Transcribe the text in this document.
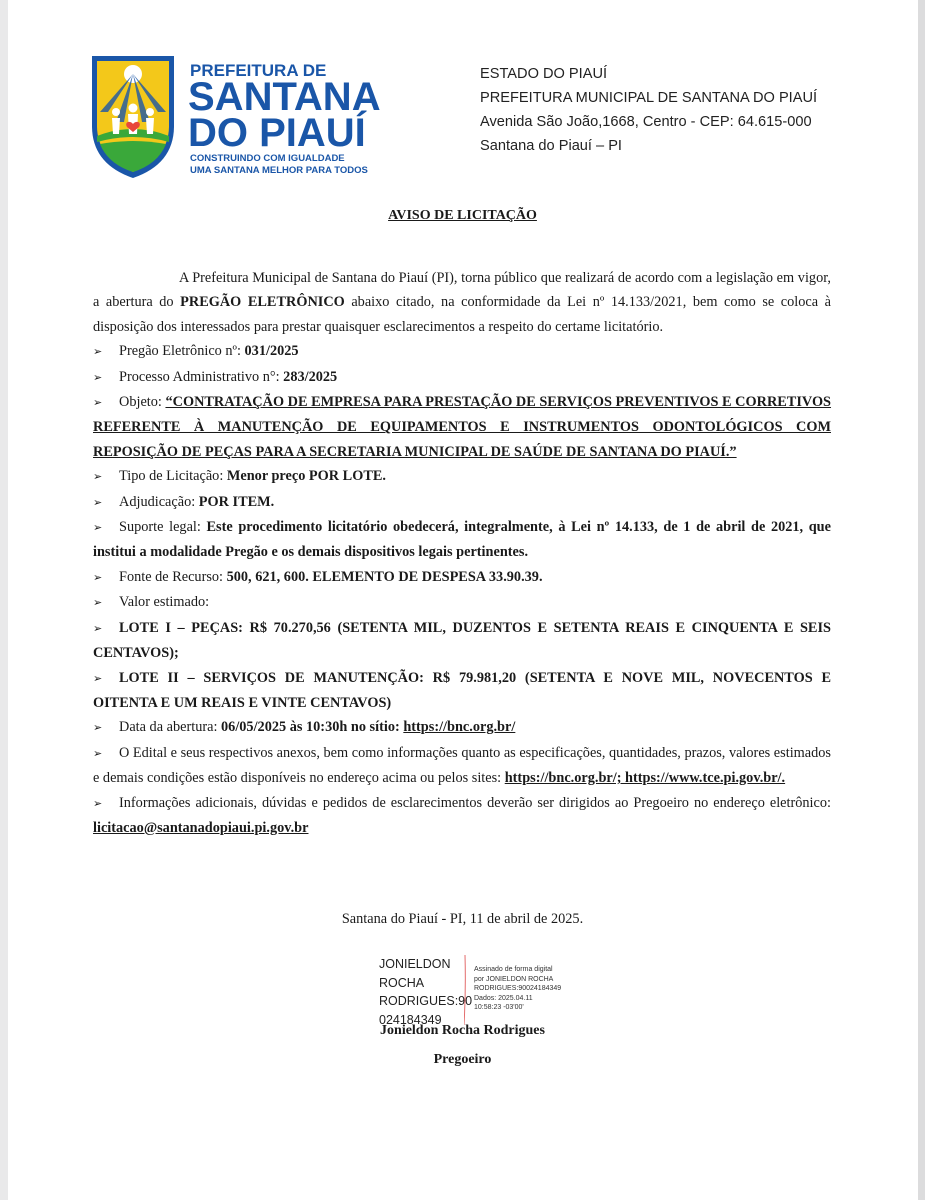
PREFEITURA DE
SANTANA
DO PIAUÍ
CONSTRUINDO COM IGUALDADE
UMA SANTANA MELHOR PARA TODOS
ESTADO DO PIAUÍ
PREFEITURA MUNICIPAL DE SANTANA DO PIAUÍ
Avenida São João,1668, Centro - CEP: 64.615-000
Santana do Piauí – PI
AVISO DE LICITAÇÃO

A Prefeitura Municipal de Santana do Piauí (PI), torna público que realizará de acordo com a legislação em vigor, a abertura do PREGÃO ELETRÔNICO abaixo citado, na conformidade da Lei nº 14.133/2021, bem como se coloca à disposição dos interessados para prestar quaisquer esclarecimentos a respeito do certame licitatório.

➢ Pregão Eletrônico nº: 031/2025

➢ Processo Administrativo n°: 283/2025

➢ Objeto: “CONTRATAÇÃO DE EMPRESA PARA PRESTAÇÃO DE SERVIÇOS PREVENTIVOS E CORRETIVOS REFERENTE À MANUTENÇÃO DE EQUIPAMENTOS E INSTRUMENTOS ODONTOLÓGICOS COM REPOSIÇÃO DE PEÇAS PARA A SECRETARIA MUNICIPAL DE SAÚDE DE SANTANA DO PIAUÍ.”

➢ Tipo de Licitação: Menor preço POR LOTE.

➢ Adjudicação: POR ITEM.

➢ Suporte legal: Este procedimento licitatório obedecerá, integralmente, à Lei nº 14.133, de 1 de abril de 2021, que institui a modalidade Pregão e os demais dispositivos legais pertinentes.

➢ Fonte de Recurso: 500, 621, 600. ELEMENTO DE DESPESA 33.90.39.

➢ Valor estimado:

➢ LOTE I – PEÇAS: R$ 70.270,56 (SETENTA MIL, DUZENTOS E SETENTA REAIS E CINQUENTA E SEIS CENTAVOS);

➢ LOTE II – SERVIÇOS DE MANUTENÇÃO: R$ 79.981,20 (SETENTA E NOVE MIL, NOVECENTOS E OITENTA E UM REAIS E VINTE CENTAVOS)

➢ Data da abertura: 06/05/2025 às 10:30h no sítio: https://bnc.org.br/

➢ O Edital e seus respectivos anexos, bem como informações quanto as especificações, quantidades, prazos, valores estimados e demais condições estão disponíveis no endereço acima ou pelos sites: https://bnc.org.br/; https://www.tce.pi.gov.br/.

➢ Informações adicionais, dúvidas e pedidos de esclarecimentos deverão ser dirigidos ao Pregoeiro no endereço eletrônico: licitacao@santanadopiaui.pi.gov.br

Santana do Piauí - PI, 11 de abril de 2025.
JONIELDON
ROCHA
RODRIGUES:90
024184349
Assinado de forma digital
por JONIELDON ROCHA
RODRIGUES:90024184349
Dados: 2025.04.11
10:58:23 -03'00'
Jonieldon Rocha Rodrigues
Pregoeiro
